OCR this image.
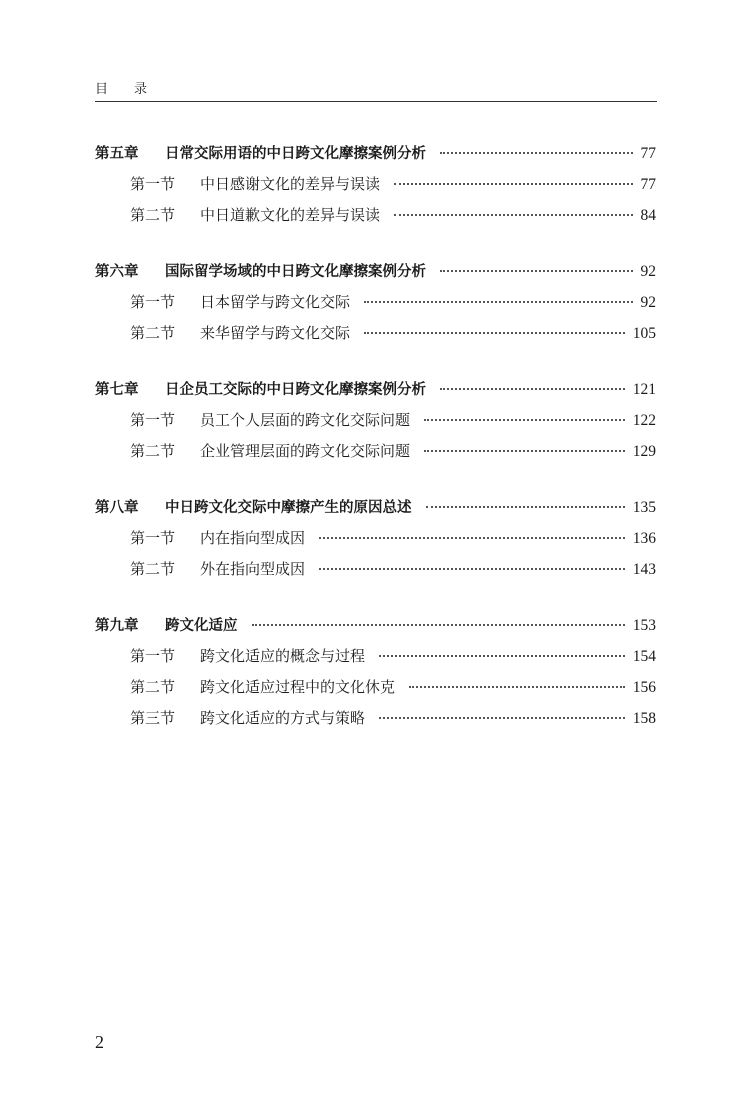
目　　录
第五章	日常交际用语的中日跨文化摩擦案例分析	77
第一节	中日感谢文化的差异与误读	77
第二节	中日道歉文化的差异与误读	84
第六章	国际留学场域的中日跨文化摩擦案例分析	92
第一节	日本留学与跨文化交际	92
第二节	来华留学与跨文化交际	105
第七章	日企员工交际的中日跨文化摩擦案例分析	121
第一节	员工个人层面的跨文化交际问题	122
第二节	企业管理层面的跨文化交际问题	129
第八章	中日跨文化交际中摩擦产生的原因总述	135
第一节	内在指向型成因	136
第二节	外在指向型成因	143
第九章	跨文化适应	153
第一节	跨文化适应的概念与过程	154
第二节	跨文化适应过程中的文化休克	156
第三节	跨文化适应的方式与策略	158
2
